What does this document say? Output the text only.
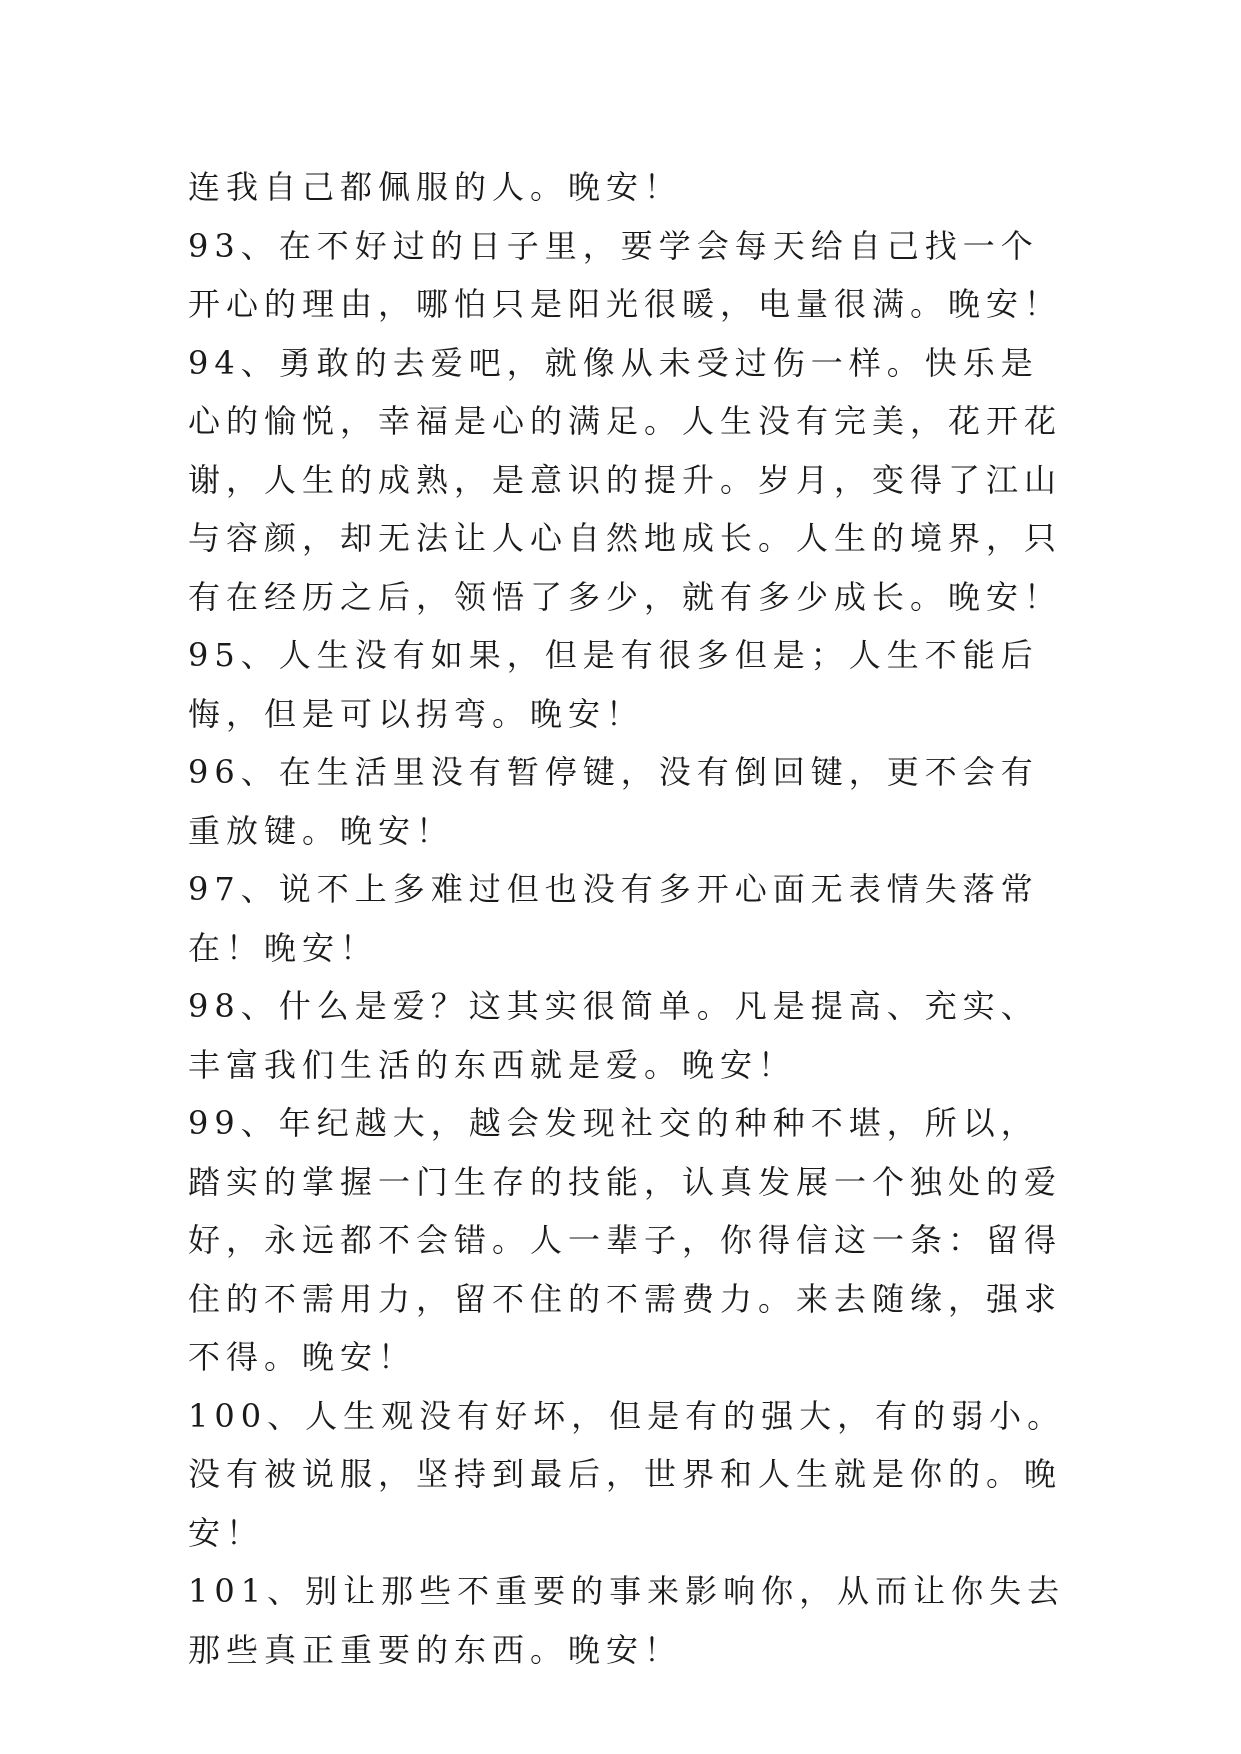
连我自己都佩服的人。晚安！

93、在不好过的日子里，要学会每天给自己找一个开心的理由，哪怕只是阳光很暖，电量很满。晚安！

94、勇敢的去爱吧，就像从未受过伤一样。快乐是心的愉悦，幸福是心的满足。人生没有完美，花开花谢，人生的成熟，是意识的提升。岁月，变得了江山与容颜，却无法让人心自然地成长。人生的境界，只有在经历之后，领悟了多少，就有多少成长。晚安！

95、人生没有如果，但是有很多但是；人生不能后悔，但是可以拐弯。晚安！

96、在生活里没有暂停键，没有倒回键，更不会有重放键。晚安！

97、说不上多难过但也没有多开心面无表情失落常在！晚安！

98、什么是爱？这其实很简单。凡是提高、充实、丰富我们生活的东西就是爱。晚安！

99、年纪越大，越会发现社交的种种不堪，所以，踏实的掌握一门生存的技能，认真发展一个独处的爱好，永远都不会错。人一辈子，你得信这一条：留得住的不需用力，留不住的不需费力。来去随缘，强求不得。晚安！

100、人生观没有好坏，但是有的强大，有的弱小。没有被说服，坚持到最后，世界和人生就是你的。晚安！

101、别让那些不重要的事来影响你，从而让你失去那些真正重要的东西。晚安！
